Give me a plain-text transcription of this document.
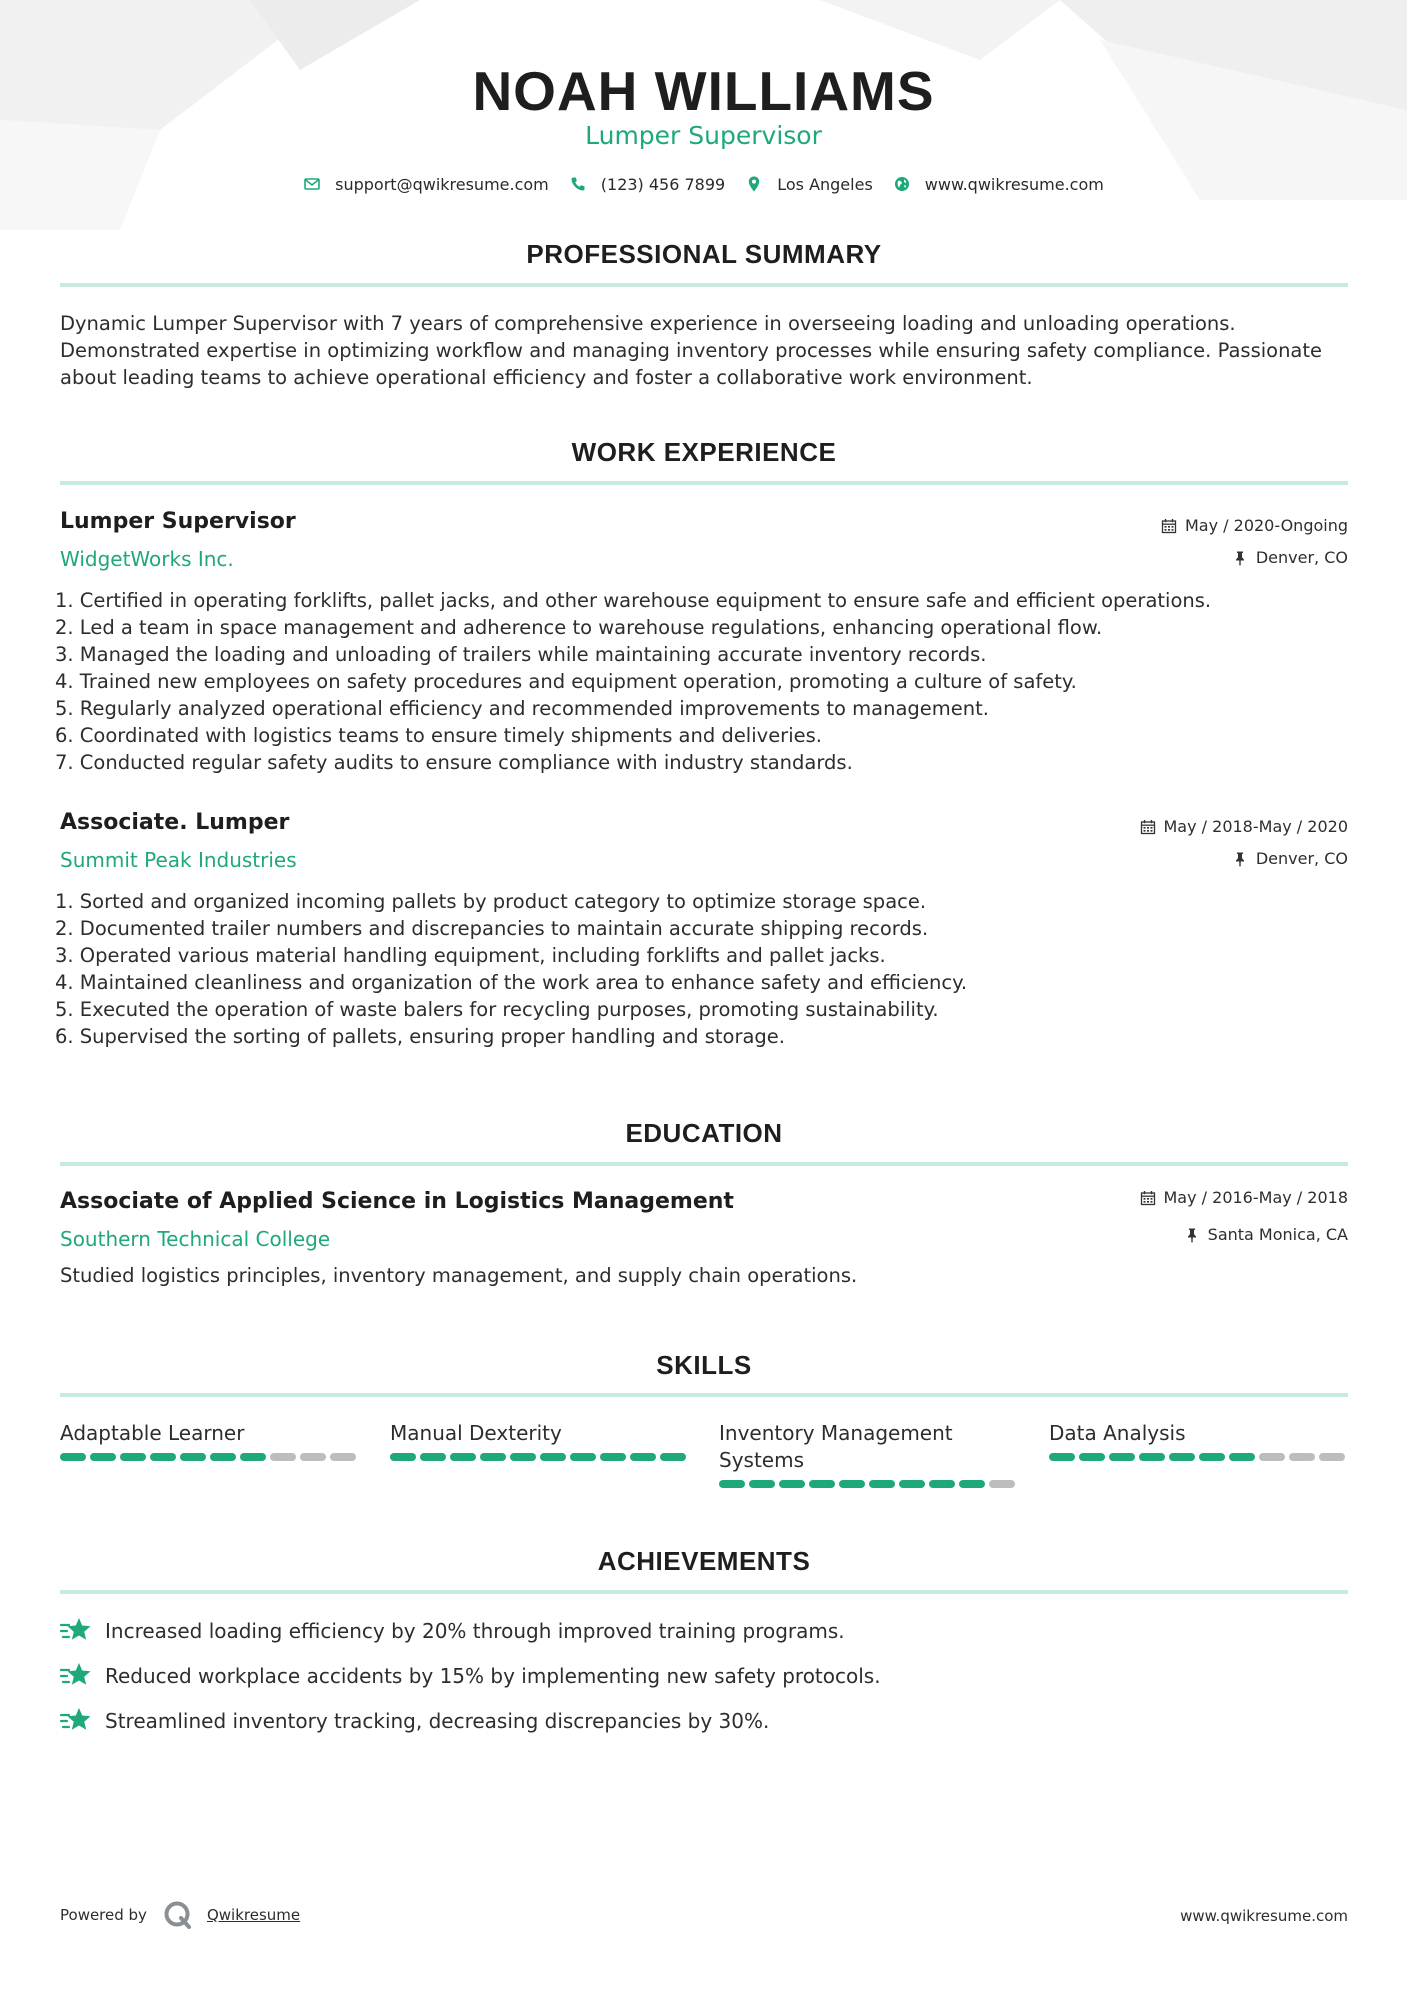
NOAH WILLIAMS
Lumper Supervisor
support@qwikresume.com	(123) 456 7899	Los Angeles	www.qwikresume.com
PROFESSIONAL SUMMARY
Dynamic Lumper Supervisor with 7 years of comprehensive experience in overseeing loading and unloading operations. Demonstrated expertise in optimizing workflow and managing inventory processes while ensuring safety compliance. Passionate about leading teams to achieve operational efficiency and foster a collaborative work environment.
WORK EXPERIENCE
Lumper Supervisor
WidgetWorks Inc.
May / 2020-Ongoing
Denver, CO
1. Certified in operating forklifts, pallet jacks, and other warehouse equipment to ensure safe and efficient operations.
2. Led a team in space management and adherence to warehouse regulations, enhancing operational flow.
3. Managed the loading and unloading of trailers while maintaining accurate inventory records.
4. Trained new employees on safety procedures and equipment operation, promoting a culture of safety.
5. Regularly analyzed operational efficiency and recommended improvements to management.
6. Coordinated with logistics teams to ensure timely shipments and deliveries.
7. Conducted regular safety audits to ensure compliance with industry standards.
Associate. Lumper
Summit Peak Industries
May / 2018-May / 2020
Denver, CO
1. Sorted and organized incoming pallets by product category to optimize storage space.
2. Documented trailer numbers and discrepancies to maintain accurate shipping records.
3. Operated various material handling equipment, including forklifts and pallet jacks.
4. Maintained cleanliness and organization of the work area to enhance safety and efficiency.
5. Executed the operation of waste balers for recycling purposes, promoting sustainability.
6. Supervised the sorting of pallets, ensuring proper handling and storage.
EDUCATION
Associate of Applied Science in Logistics Management
Southern Technical College
May / 2016-May / 2018
Santa Monica, CA
Studied logistics principles, inventory management, and supply chain operations.
SKILLS
Adaptable Learner	Manual Dexterity	Inventory Management Systems
Data Analysis
ACHIEVEMENTS
Increased loading efficiency by 20% through improved training programs.
Reduced workplace accidents by 15% by implementing new safety protocols.
Streamlined inventory tracking, decreasing discrepancies by 30%.
Powered by	Qwikresume	www.qwikresume.com
